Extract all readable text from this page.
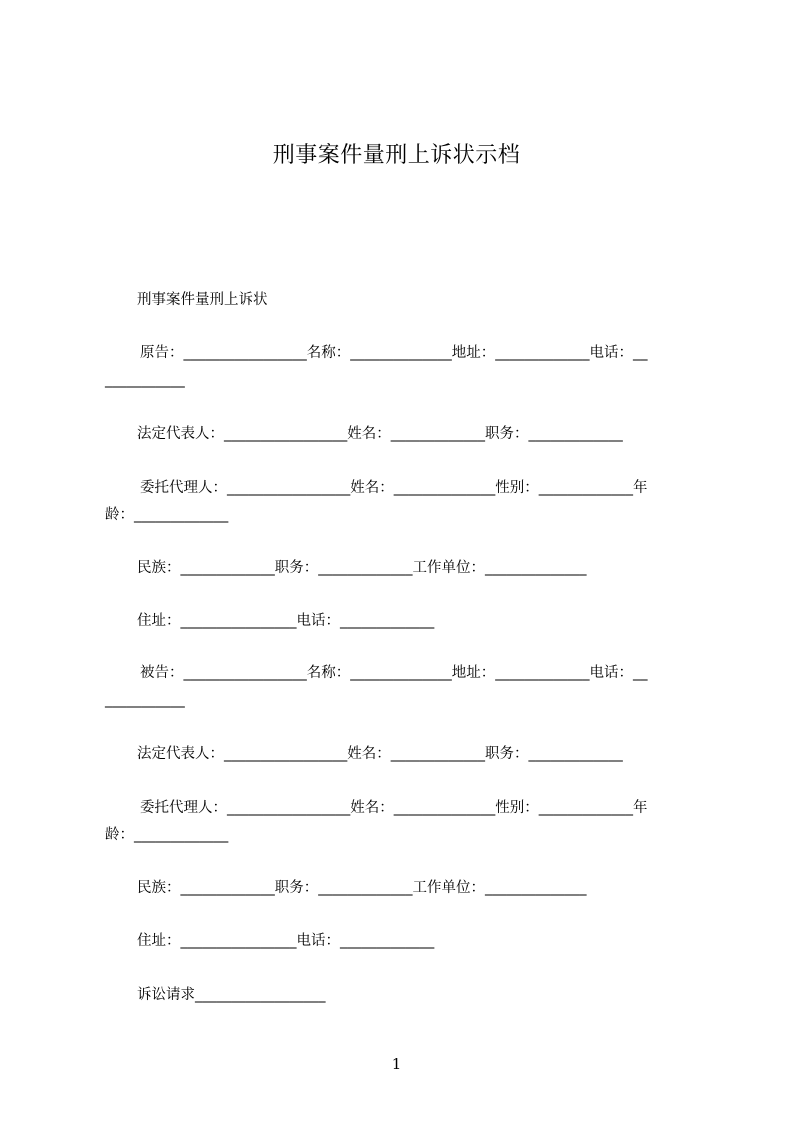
刑事案件量刑上诉状示档
刑事案件量刑上诉状
原告：_________________名称：______________地址：_____________电话：__
___________
法定代表人：_________________姓名：_____________职务：_____________
委托代理人：_________________姓名：______________性别：_____________年
龄：_____________
民族：_____________职务：_____________工作单位：______________
住址：________________电话：_____________
被告：_________________名称：______________地址：_____________电话：__
___________
法定代表人：_________________姓名：_____________职务：_____________
委托代理人：_________________姓名：______________性别：_____________年
龄：_____________
民族：_____________职务：_____________工作单位：______________
住址：________________电话：_____________
诉讼请求__________________
1
